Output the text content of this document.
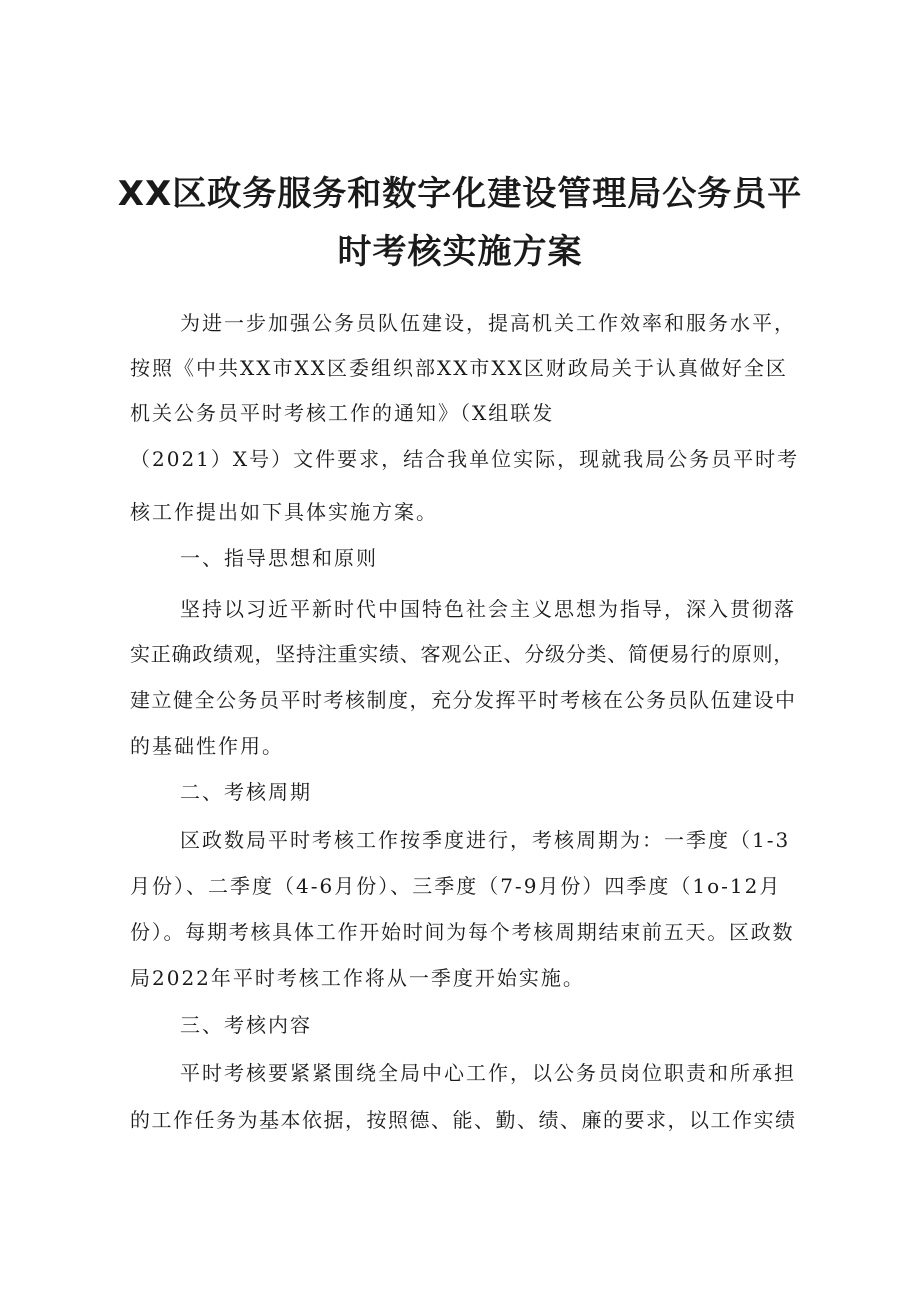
XX区政务服务和数字化建设管理局公务员平
时考核实施方案
为进一步加强公务员队伍建设，提高机关工作效率和服务水平，
按照《中共XX市XX区委组织部XX市XX区财政局关于认真做好全区
机关公务员平时考核工作的通知》（X组联发
（2021）X号）文件要求，结合我单位实际，现就我局公务员平时考
核工作提出如下具体实施方案。
一、指导思想和原则
坚持以习近平新时代中国特色社会主义思想为指导，深入贯彻落
实正确政绩观，坚持注重实绩、客观公正、分级分类、简便易行的原则，
建立健全公务员平时考核制度，充分发挥平时考核在公务员队伍建设中
的基础性作用。
二、考核周期
区政数局平时考核工作按季度进行，考核周期为：一季度（1-3
月份）、二季度（4-6月份）、三季度（7-9月份）四季度（1o-12月
份）。每期考核具体工作开始时间为每个考核周期结束前五天。区政数
局2022年平时考核工作将从一季度开始实施。
三、考核内容
平时考核要紧紧围绕全局中心工作，以公务员岗位职责和所承担
的工作任务为基本依据，按照德、能、勤、绩、廉的要求，以工作实绩
